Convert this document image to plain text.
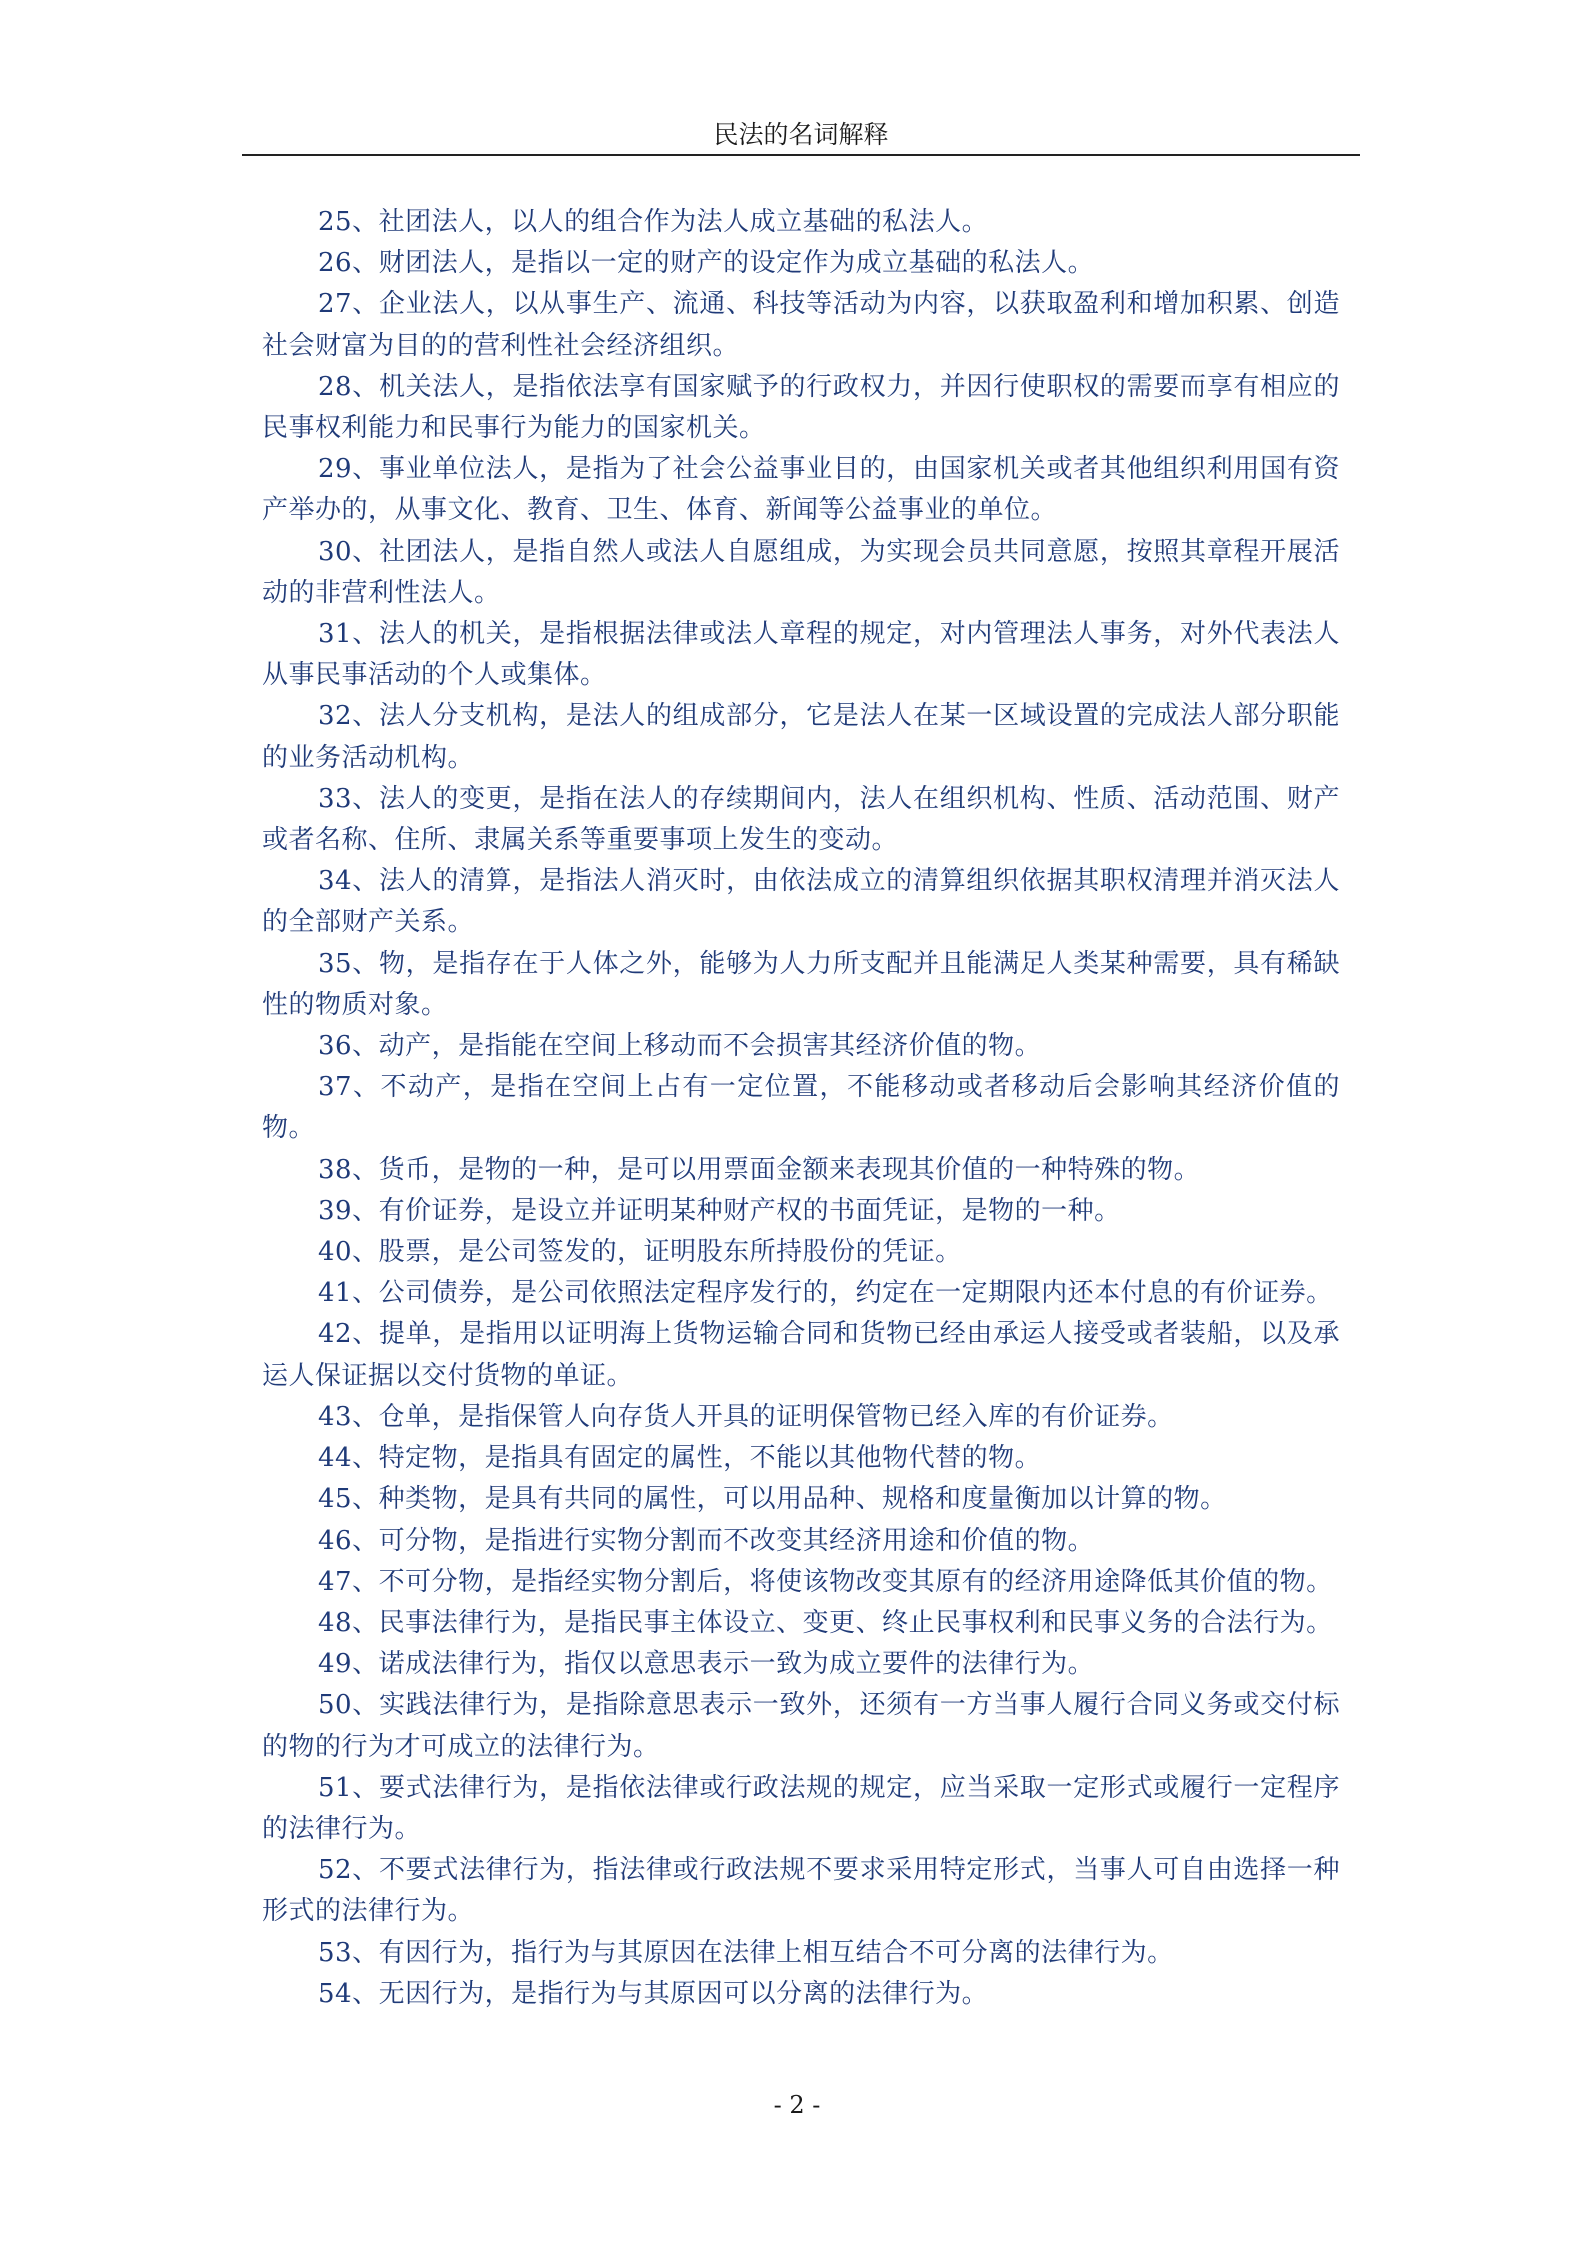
民法的名词解释

25、社团法人，以人的组合作为法人成立基础的私法人。

26、财团法人，是指以一定的财产的设定作为成立基础的私法人。

27、企业法人，以从事生产、流通、科技等活动为内容，以获取盈利和增加积累、创造社会财富为目的的营利性社会经济组织。

28、机关法人，是指依法享有国家赋予的行政权力，并因行使职权的需要而享有相应的民事权利能力和民事行为能力的国家机关。

29、事业单位法人，是指为了社会公益事业目的，由国家机关或者其他组织利用国有资产举办的，从事文化、教育、卫生、体育、新闻等公益事业的单位。

30、社团法人，是指自然人或法人自愿组成，为实现会员共同意愿，按照其章程开展活动的非营利性法人。

31、法人的机关，是指根据法律或法人章程的规定，对内管理法人事务，对外代表法人从事民事活动的个人或集体。

32、法人分支机构，是法人的组成部分，它是法人在某一区域设置的完成法人部分职能的业务活动机构。

33、法人的变更，是指在法人的存续期间内，法人在组织机构、性质、活动范围、财产或者名称、住所、隶属关系等重要事项上发生的变动。

34、法人的清算，是指法人消灭时，由依法成立的清算组织依据其职权清理并消灭法人的全部财产关系。

35、物，是指存在于人体之外，能够为人力所支配并且能满足人类某种需要，具有稀缺性的物质对象。

36、动产，是指能在空间上移动而不会损害其经济价值的物。

37、不动产，是指在空间上占有一定位置，不能移动或者移动后会影响其经济价值的物。

38、货币，是物的一种，是可以用票面金额来表现其价值的一种特殊的物。

39、有价证券，是设立并证明某种财产权的书面凭证，是物的一种。

40、股票，是公司签发的，证明股东所持股份的凭证。

41、公司债券，是公司依照法定程序发行的，约定在一定期限内还本付息的有价证券。

42、提单，是指用以证明海上货物运输合同和货物已经由承运人接受或者装船，以及承运人保证据以交付货物的单证。

43、仓单，是指保管人向存货人开具的证明保管物已经入库的有价证券。

44、特定物，是指具有固定的属性，不能以其他物代替的物。

45、种类物，是具有共同的属性，可以用品种、规格和度量衡加以计算的物。

46、可分物，是指进行实物分割而不改变其经济用途和价值的物。

47、不可分物，是指经实物分割后，将使该物改变其原有的经济用途降低其价值的物。

48、民事法律行为，是指民事主体设立、变更、终止民事权利和民事义务的合法行为。

49、诺成法律行为，指仅以意思表示一致为成立要件的法律行为。

50、实践法律行为，是指除意思表示一致外，还须有一方当事人履行合同义务或交付标的物的行为才可成立的法律行为。

51、要式法律行为，是指依法律或行政法规的规定，应当采取一定形式或履行一定程序的法律行为。

52、不要式法律行为，指法律或行政法规不要求采用特定形式，当事人可自由选择一种形式的法律行为。

53、有因行为，指行为与其原因在法律上相互结合不可分离的法律行为。

54、无因行为，是指行为与其原因可以分离的法律行为。

- 2 -
